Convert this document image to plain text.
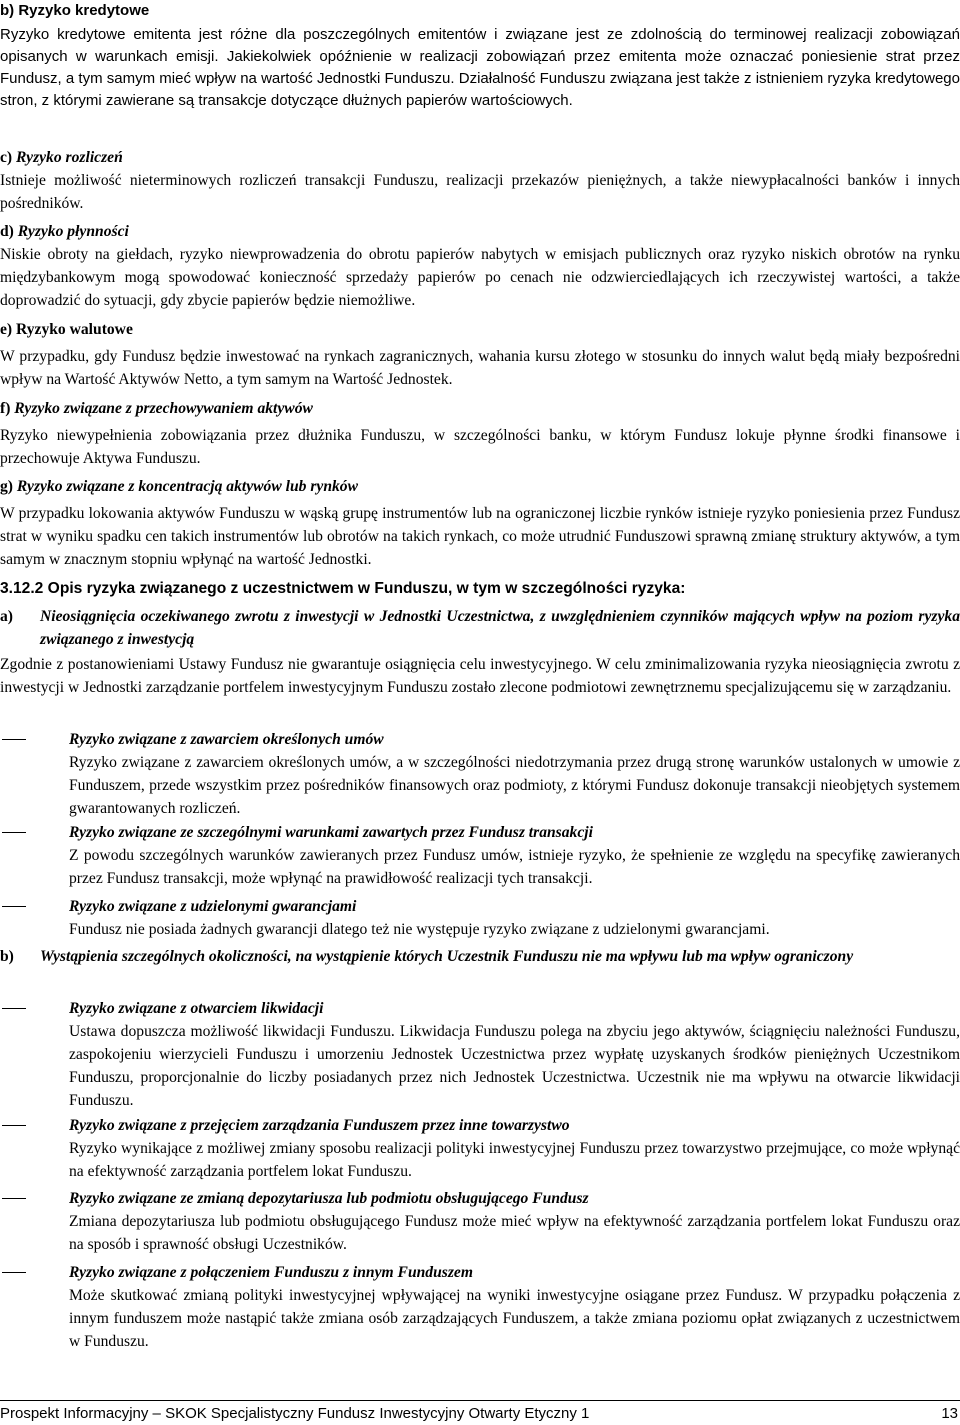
b) Ryzyko kredytowe
Ryzyko kredytowe emitenta jest różne dla poszczególnych emitentów i związane jest ze zdolnością do terminowej realizacji zobowiązań opisanych w warunkach emisji. Jakiekolwiek opóźnienie w realizacji zobowiązań przez emitenta może oznaczać poniesienie strat przez Fundusz, a tym samym mieć wpływ na wartość Jednostki Funduszu. Działalność Funduszu związana jest także z istnieniem ryzyka kredytowego stron, z którymi zawierane są transakcje dotyczące dłużnych papierów wartościowych.
c) Ryzyko rozliczeń
Istnieje możliwość nieterminowych rozliczeń transakcji Funduszu, realizacji przekazów pieniężnych, a także niewypłacalności banków i innych pośredników.
d) Ryzyko płynności
Niskie obroty na giełdach, ryzyko niewprowadzenia do obrotu papierów nabytych w emisjach publicznych oraz ryzyko niskich obrotów na rynku międzybankowym mogą spowodować konieczność sprzedaży papierów po cenach nie odzwierciedlających ich rzeczywistej wartości, a także doprowadzić do sytuacji, gdy zbycie papierów będzie niemożliwe.
e) Ryzyko walutowe
W przypadku, gdy Fundusz będzie inwestować na rynkach zagranicznych, wahania kursu złotego w stosunku do innych walut będą miały bezpośredni wpływ na Wartość Aktywów Netto, a tym samym na Wartość Jednostek.
f) Ryzyko związane z przechowywaniem aktywów
Ryzyko niewypełnienia zobowiązania przez dłużnika Funduszu, w szczególności banku, w którym Fundusz lokuje płynne środki finansowe i przechowuje Aktywa Funduszu.
g) Ryzyko związane z koncentracją aktywów lub rynków
W przypadku lokowania aktywów Funduszu w wąską grupę instrumentów lub na ograniczonej liczbie rynków istnieje ryzyko poniesienia przez Fundusz strat w wyniku spadku cen takich instrumentów lub obrotów na takich rynkach, co może utrudnić Funduszowi sprawną zmianę struktury aktywów, a tym samym w znacznym stopniu wpłynąć na wartość Jednostki.
3.12.2 Opis ryzyka związanego z uczestnictwem w Funduszu, w tym w szczególności ryzyka:
a) Nieosiągnięcia oczekiwanego zwrotu z inwestycji w Jednostki Uczestnictwa, z uwzględnieniem czynników mających wpływ na poziom ryzyka związanego z inwestycją
Zgodnie z postanowieniami Ustawy Fundusz nie gwarantuje osiągnięcia celu inwestycyjnego. W celu zminimalizowania ryzyka nieosiągnięcia zwrotu z inwestycji w Jednostki zarządzanie portfelem inwestycyjnym Funduszu zostało zlecone podmiotowi zewnętrznemu specjalizującemu się w zarządzaniu.
Ryzyko związane z zawarciem określonych umów
Ryzyko związane z zawarciem określonych umów, a w szczególności niedotrzymania przez drugą stronę warunków ustalonych w umowie z Funduszem, przede wszystkim przez pośredników finansowych oraz podmioty, z którymi Fundusz dokonuje transakcji nieobjętych systemem gwarantowanych rozliczeń.
Ryzyko związane ze szczególnymi warunkami zawartych przez Fundusz transakcji
Z powodu szczególnych warunków zawieranych przez Fundusz umów, istnieje ryzyko, że spełnienie ze względu na specyfikę zawieranych przez Fundusz transakcji, może wpłynąć na prawidłowość realizacji tych transakcji.
Ryzyko związane z udzielonymi gwarancjami
Fundusz nie posiada żadnych gwarancji dlatego też nie występuje ryzyko związane z udzielonymi gwarancjami.
b) Wystąpienia szczególnych okoliczności, na wystąpienie których Uczestnik Funduszu nie ma wpływu lub ma wpływ ograniczony
Ryzyko związane z otwarciem likwidacji
Ustawa dopuszcza możliwość likwidacji Funduszu. Likwidacja Funduszu polega na zbyciu jego aktywów, ściągnięciu należności Funduszu, zaspokojeniu wierzycieli Funduszu i umorzeniu Jednostek Uczestnictwa przez wypłatę uzyskanych środków pieniężnych Uczestnikom Funduszu, proporcjonalnie do liczby posiadanych przez nich Jednostek Uczestnictwa. Uczestnik nie ma wpływu na otwarcie likwidacji Funduszu.
Ryzyko związane z przejęciem zarządzania Funduszem przez inne towarzystwo
Ryzyko wynikające z możliwej zmiany sposobu realizacji polityki inwestycyjnej Funduszu przez towarzystwo przejmujące, co może wpłynąć na efektywność zarządzania portfelem lokat Funduszu.
Ryzyko związane ze zmianą depozytariusza lub podmiotu obsługującego Fundusz
Zmiana depozytariusza lub podmiotu obsługującego Fundusz może mieć wpływ na efektywność zarządzania portfelem lokat Funduszu oraz na sposób i sprawność obsługi Uczestników.
Ryzyko związane z połączeniem Funduszu z innym Funduszem
Może skutkować zmianą polityki inwestycyjnej wpływającej na wyniki inwestycyjne osiągane przez Fundusz. W przypadku połączenia z innym funduszem może nastąpić także zmiana osób zarządzających Funduszem, a także zmiana poziomu opłat związanych z uczestnictwem w Funduszu.
Prospekt Informacyjny – SKOK Specjalistyczny Fundusz Inwestycyjny Otwarty Etyczny 1	13
